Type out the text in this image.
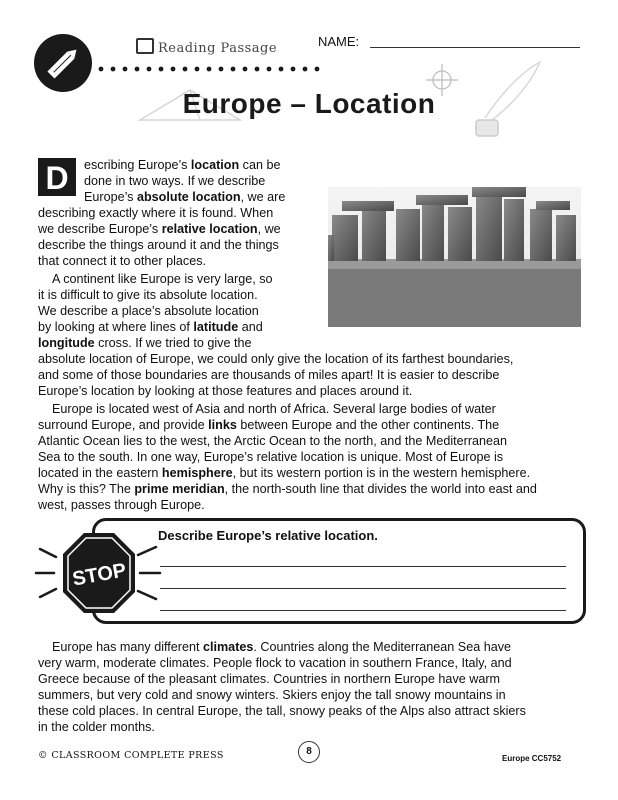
Reading Passage	NAME:
Europe – Location
D	escribing Europe’s location can be
done in two ways. If we describe
Europe’s absolute location, we are
describing exactly where it is found. When
we describe Europe’s relative location, we
describe the things around it and the things
that connect it to other places.
A continent like Europe is very large, so
it is difficult to give its absolute location.
We describe a place’s absolute location
by looking at where lines of latitude and
longitude cross. If we tried to give the
absolute location of Europe, we could only give the location of its farthest boundaries,
and some of those boundaries are thousands of miles apart! It is easier to describe
Europe’s location by looking at those features and places around it.
Europe is located west of Asia and north of Africa. Several large bodies of water
surround Europe, and provide links between Europe and the other continents. The
Atlantic Ocean lies to the west, the Arctic Ocean to the north, and the Mediterranean
Sea to the south. In one way, Europe’s relative location is unique. Most of Europe is
located in the eastern hemisphere, but its western portion is in the western hemisphere.
Why is this? The prime meridian, the north-south line that divides the world into east and
west, passes through Europe.
Describe Europe’s relative location.
STOP
Europe has many different climates. Countries along the Mediterranean Sea have
very warm, moderate climates. People flock to vacation in southern France, Italy, and
Greece because of the pleasant climates. Countries in northern Europe have warm
summers, but very cold and snowy winters. Skiers enjoy the tall snowy mountains in
these cold places. In central Europe, the tall, snowy peaks of the Alps also attract skiers
in the colder months.
© CLASSROOM COMPLETE PRESS	8
Europe CC5752
